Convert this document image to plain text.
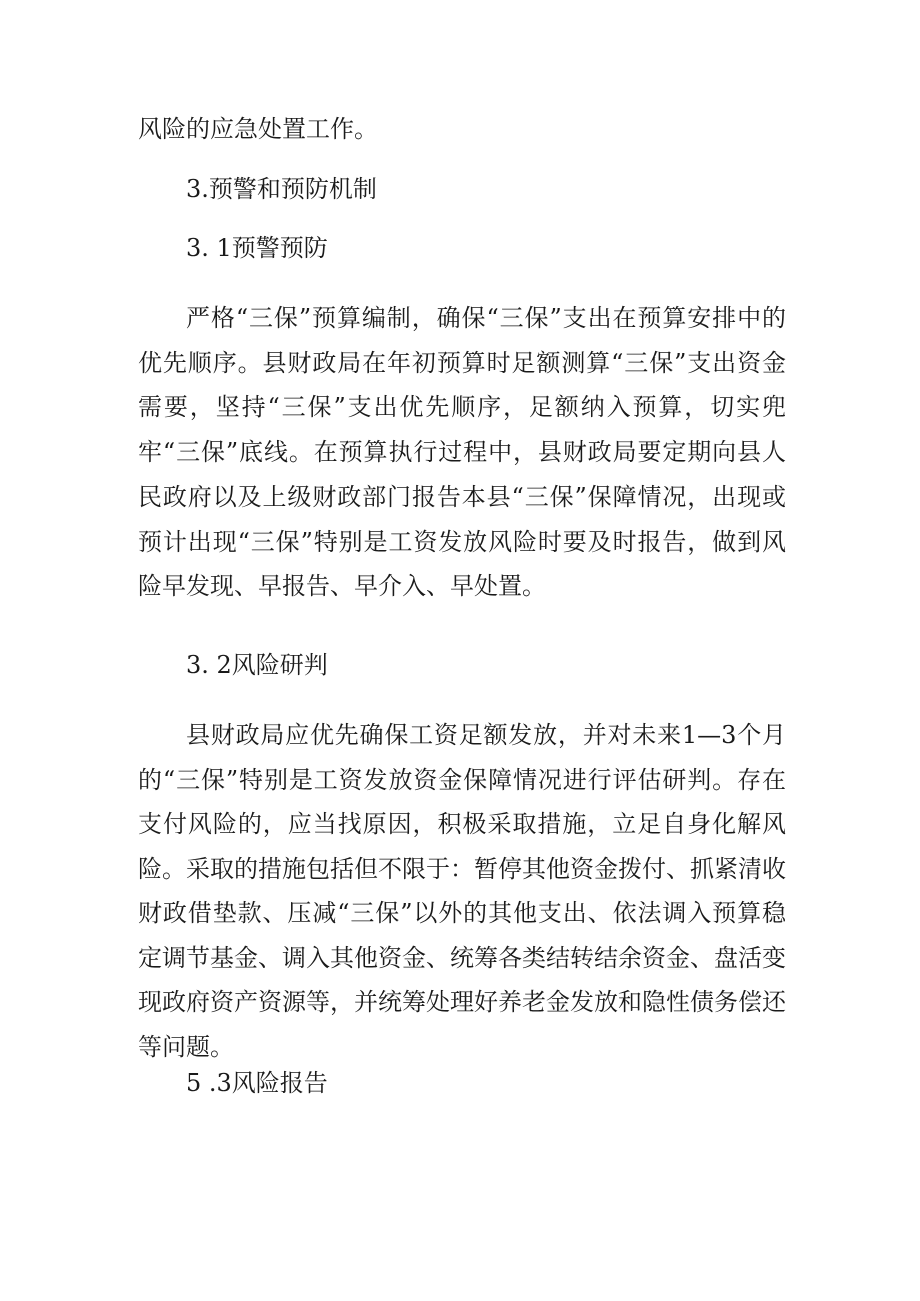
风险的应急处置工作。
3.预警和预防机制
3. 1预警预防
严格“三保”预算编制，确保“三保”支出在预算安排中的优先顺序。县财政局在年初预算时足额测算“三保”支出资金需要，坚持“三保”支出优先顺序，足额纳入预算，切实兜牢“三保”底线。在预算执行过程中，县财政局要定期向县人民政府以及上级财政部门报告本县“三保”保障情况，出现或预计出现“三保”特别是工资发放风险时要及时报告，做到风险早发现、早报告、早介入、早处置。
3. 2风险研判
县财政局应优先确保工资足额发放，并对未来1—3个月的“三保”特别是工资发放资金保障情况进行评估研判。存在支付风险的，应当找原因，积极采取措施，立足自身化解风险。采取的措施包括但不限于：暂停其他资金拨付、抓紧清收财政借垫款、压减“三保”以外的其他支出、依法调入预算稳定调节基金、调入其他资金、统筹各类结转结余资金、盘活变现政府资产资源等，并统筹处理好养老金发放和隐性债务偿还等问题。
5 .3风险报告
